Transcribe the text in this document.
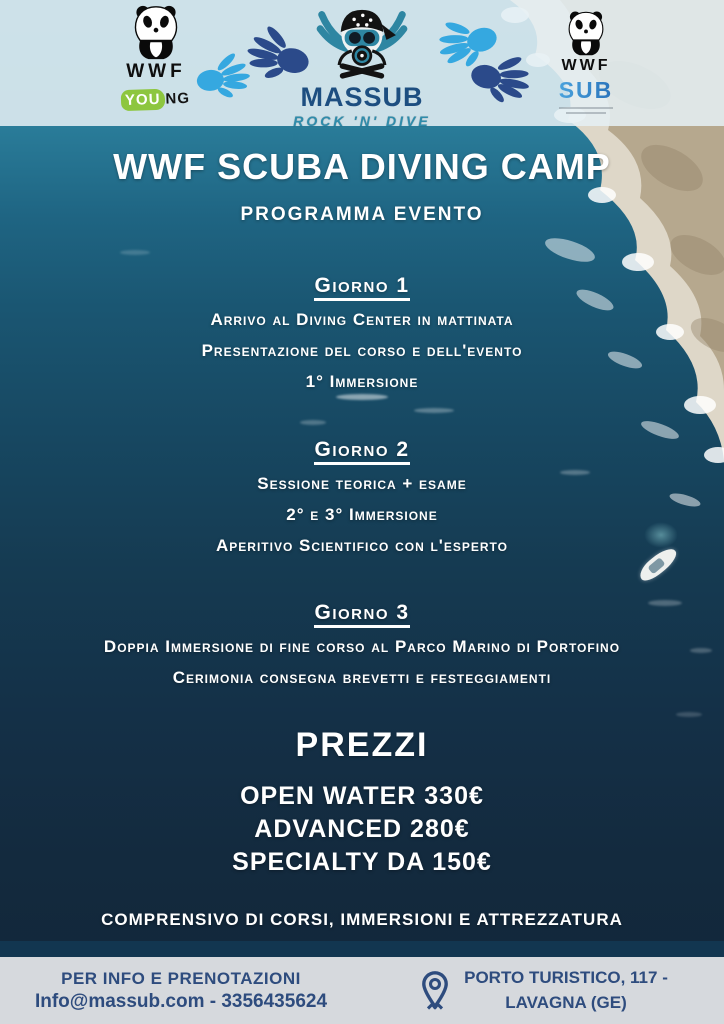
WWF
YOU NG	MASSUB
ROCK 'N' DIVE
WWF
SUB
WWF SCUBA DIVING CAMP
PROGRAMMA EVENTO
Giorno 1
Arrivo al Diving Center in mattinata
Presentazione del corso e dell'evento
1° Immersione
Giorno 2
Sessione teorica + esame
2° e 3° Immersione
Aperitivo Scientifico con l'esperto
Giorno 3
Doppia Immersione di fine corso al Parco Marino di Portofino
Cerimonia consegna brevetti e festeggiamenti
PREZZI
OPEN WATER 330€
ADVANCED 280€
SPECIALTY DA 150€
COMPRENSIVO DI CORSI, IMMERSIONI E ATTREZZATURA
PER INFO E PRENOTAZIONI
Info@massub.com - 3356435624
PORTO TURISTICO, 117 -
LAVAGNA (GE)
